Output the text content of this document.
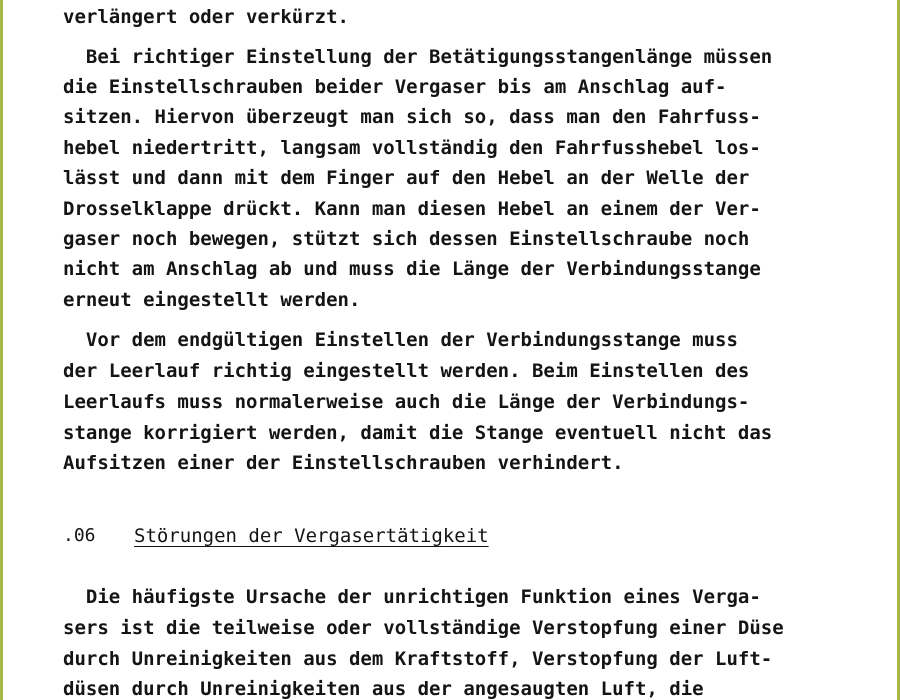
verlängert oder verkürzt.
Bei richtiger Einstellung der Betätigungsstangenlänge müssen
die Einstellschrauben beider Vergaser bis am Anschlag auf-
sitzen. Hiervon überzeugt man sich so, dass man den Fahrfuss-
hebel niedertritt, langsam vollständig den Fahrfusshebel los-
lässt und dann mit dem Finger auf den Hebel an der Welle der
Drosselklappe drückt. Kann man diesen Hebel an einem der Ver-
gaser noch bewegen, stützt sich dessen Einstellschraube noch
nicht am Anschlag ab und muss die Länge der Verbindungsstange
erneut eingestellt werden.
Vor dem endgültigen Einstellen der Verbindungsstange muss
der Leerlauf richtig eingestellt werden. Beim Einstellen des
Leerlaufs muss normalerweise auch die Länge der Verbindungs-
stange korrigiert werden, damit die Stange eventuell nicht das
Aufsitzen einer der Einstellschrauben verhindert.
.06 Störungen der Vergasertätigkeit
Die häufigste Ursache der unrichtigen Funktion eines Verga-
sers ist die teilweise oder vollständige Verstopfung einer Düse
durch Unreinigkeiten aus dem Kraftstoff, Verstopfung der Luft-
düsen durch Unreinigkeiten aus der angesaugten Luft, die
